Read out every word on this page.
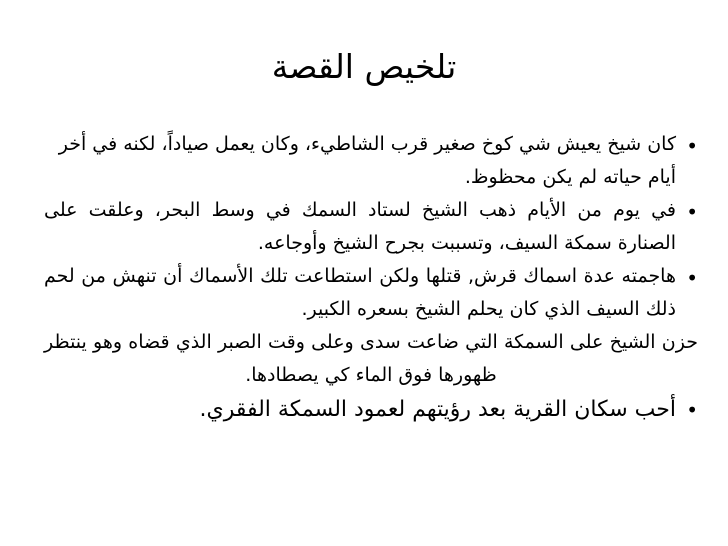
تلخيص القصة
•

كان شيخ يعيش شي كوخ صغير قرب الشاطيء، وكان يعمل صياداً، لكنه في أخر أيام حياته لم يكن محظوظ.

•

في يوم من الأيام ذهب الشيخ لستاد السمك في وسط البحر، وعلقت على الصنارة سمكة السيف، وتسببت بجرح الشيخ وأوجاعه.

•

هاجمته عدة اسماك قرش, قتلها ولكن استطاعت تلك الأسماك أن تنهش من لحم ذلك السيف الذي كان يحلم الشيخ بسعره الكبير.

حزن الشيخ على السمكة التي ضاعت سدى وعلى وقت الصبر الذي قضاه وهو ينتظر ظهورها فوق الماء كي يصطادها.

•

أحب سكان القرية بعد رؤيتهم لعمود السمكة الفقري.
